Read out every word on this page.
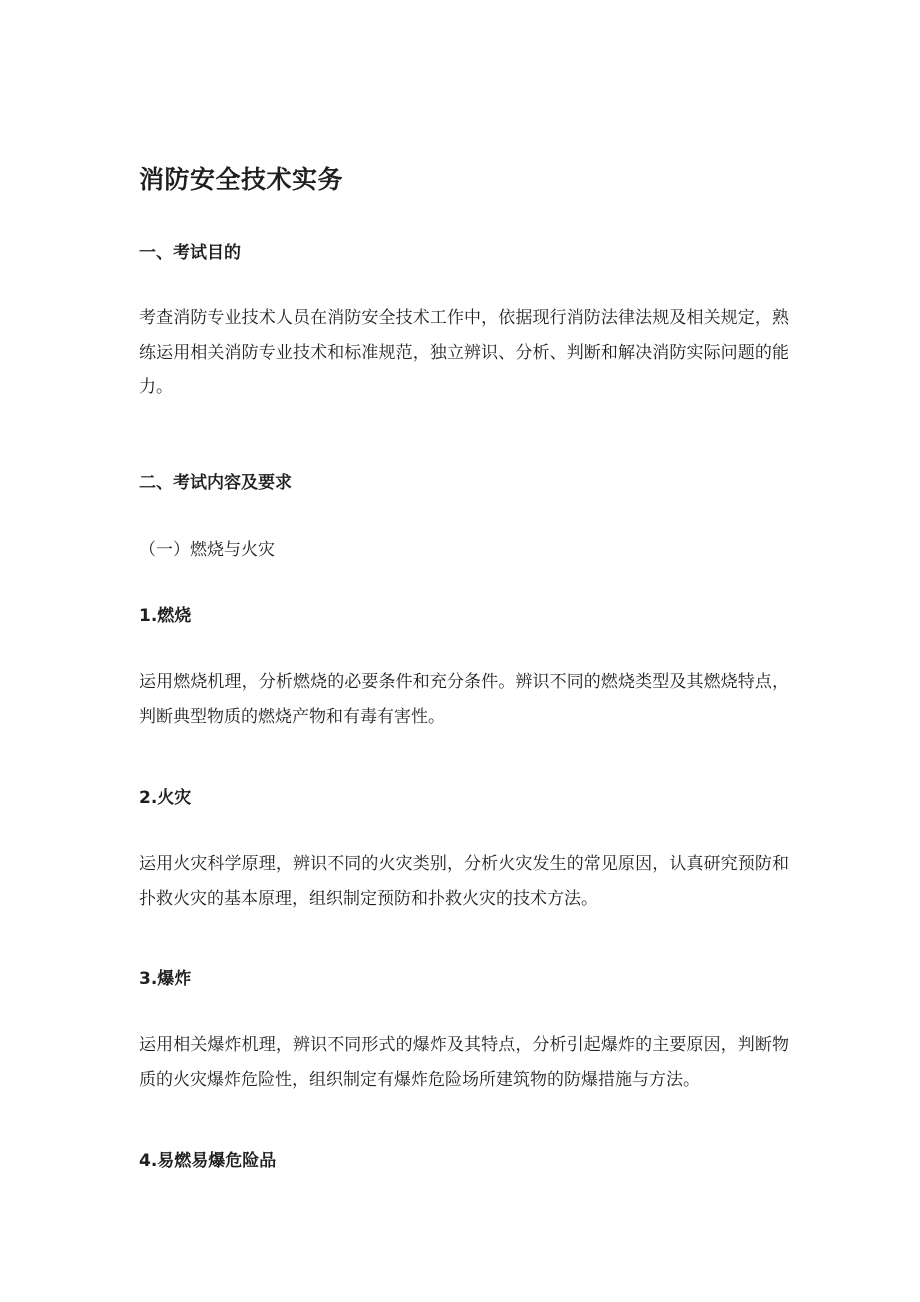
消防安全技术实务
一、考试目的

考查消防专业技术人员在消防安全技术工作中，依据现行消防法律法规及相关规定，熟练运用相关消防专业技术和标准规范，独立辨识、分析、判断和解决消防实际问题的能力。

二、考试内容及要求
（一）燃烧与火灾
1.燃烧

运用燃烧机理，分析燃烧的必要条件和充分条件。辨识不同的燃烧类型及其燃烧特点，判断典型物质的燃烧产物和有毒有害性。

2.火灾

运用火灾科学原理，辨识不同的火灾类别，分析火灾发生的常见原因，认真研究预防和扑救火灾的基本原理，组织制定预防和扑救火灾的技术方法。

3.爆炸

运用相关爆炸机理，辨识不同形式的爆炸及其特点，分析引起爆炸的主要原因，判断物质的火灾爆炸危险性，组织制定有爆炸危险场所建筑物的防爆措施与方法。

4.易燃易爆危险品
